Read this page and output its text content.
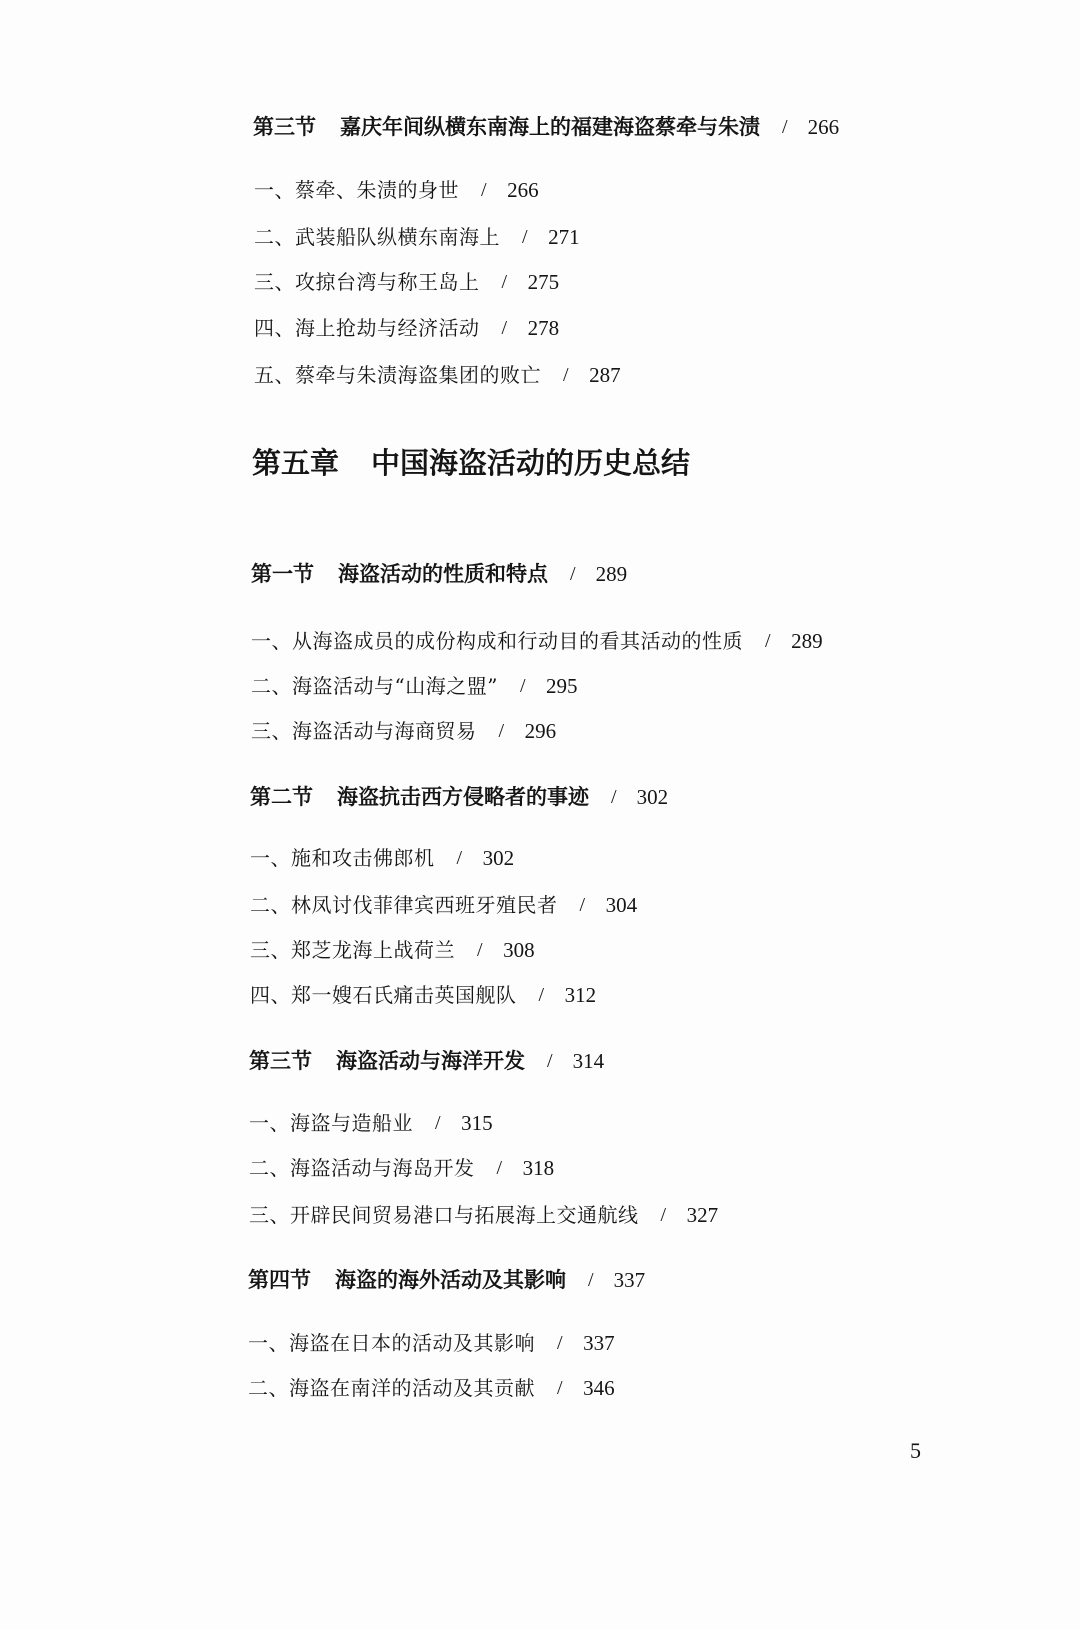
第三节 嘉庆年间纵横东南海上的福建海盗蔡牵与朱渍 / 266
一、蔡牵、朱渍的身世 / 266
二、武装船队纵横东南海上 / 271
三、攻掠台湾与称王岛上 / 275
四、海上抢劫与经济活动 / 278
五、蔡牵与朱渍海盗集团的败亡 / 287
第五章 中国海盗活动的历史总结
第一节 海盗活动的性质和特点 / 289
一、从海盗成员的成份构成和行动目的看其活动的性质 / 289
二、海盗活动与“山海之盟” / 295
三、海盗活动与海商贸易 / 296
第二节 海盗抗击西方侵略者的事迹 / 302
一、施和攻击佛郎机 / 302
二、林凤讨伐菲律宾西班牙殖民者 / 304
三、郑芝龙海上战荷兰 / 308
四、郑一嫂石氏痛击英国舰队 / 312
第三节 海盗活动与海洋开发 / 314
一、海盗与造船业 / 315
二、海盗活动与海岛开发 / 318
三、开辟民间贸易港口与拓展海上交通航线 / 327
第四节 海盗的海外活动及其影响 / 337
一、海盗在日本的活动及其影响 / 337
二、海盗在南洋的活动及其贡献 / 346
5
